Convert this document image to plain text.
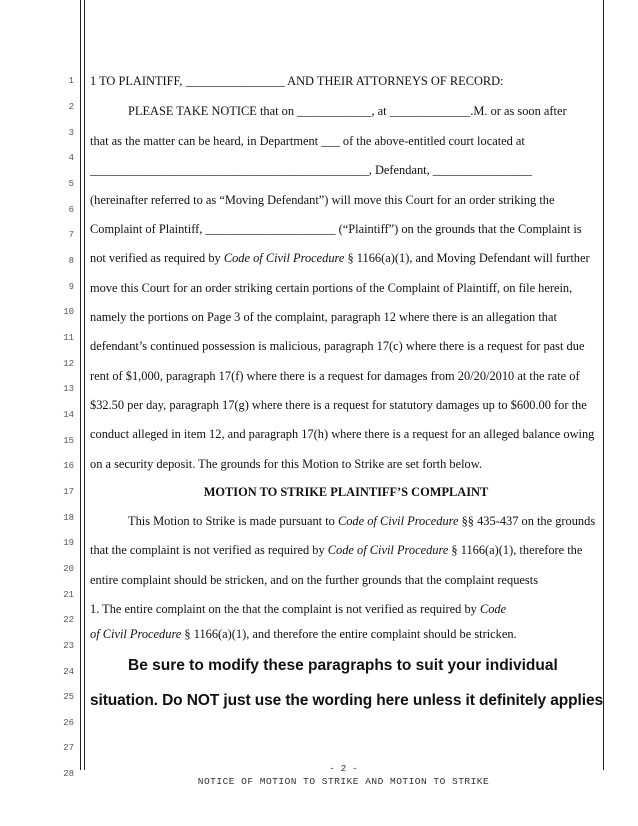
1
2
3
4
5
6
7
8
9
10
11
12
13
14
15
16
17
18
19
20
21
22
23
24
25
26
27
28
1 TO PLAINTIFF, ________________ AND THEIR ATTORNEYS OF RECORD:
PLEASE TAKE NOTICE that on ____________, at _____________.M. or as soon after
that as the matter can be heard, in Department ___ of the above-entitled court located at
_____________________________________________, Defendant, ________________
(hereinafter referred to as “Moving Defendant”) will move this Court for an order striking the
Complaint of Plaintiff, _____________________ (“Plaintiff”) on the grounds that the Complaint is
not verified as required by Code of Civil Procedure § 1166(a)(1), and Moving Defendant will further
move this Court for an order striking certain portions of the Complaint of Plaintiff, on file herein,
namely the portions on Page 3 of the complaint, paragraph 12 where there is an allegation that
defendant’s continued possession is malicious, paragraph 17(c) where there is a request for past due
rent of $1,000, paragraph 17(f) where there is a request for damages from 20/20/2010 at the rate of
$32.50 per day, paragraph 17(g) where there is a request for statutory damages up to $600.00 for the
conduct alleged in item 12, and paragraph 17(h) where there is a request for an alleged balance owing
on a security deposit. The grounds for this Motion to Strike are set forth below.
MOTION TO STRIKE PLAINTIFF’S COMPLAINT
This Motion to Strike is made pursuant to Code of Civil Procedure §§ 435-437 on the grounds
that the complaint is not verified as required by Code of Civil Procedure § 1166(a)(1), therefore the
entire complaint should be stricken, and on the further grounds that the complaint requests
1. The entire complaint on the that the complaint is not verified as required by Code
of Civil Procedure § 1166(a)(1), and therefore the entire complaint should be stricken.
Be sure to modify these paragraphs to suit your individual
situation. Do NOT just use the wording here unless it definitely applies
- 2 -
NOTICE OF MOTION TO STRIKE AND MOTION TO STRIKE
